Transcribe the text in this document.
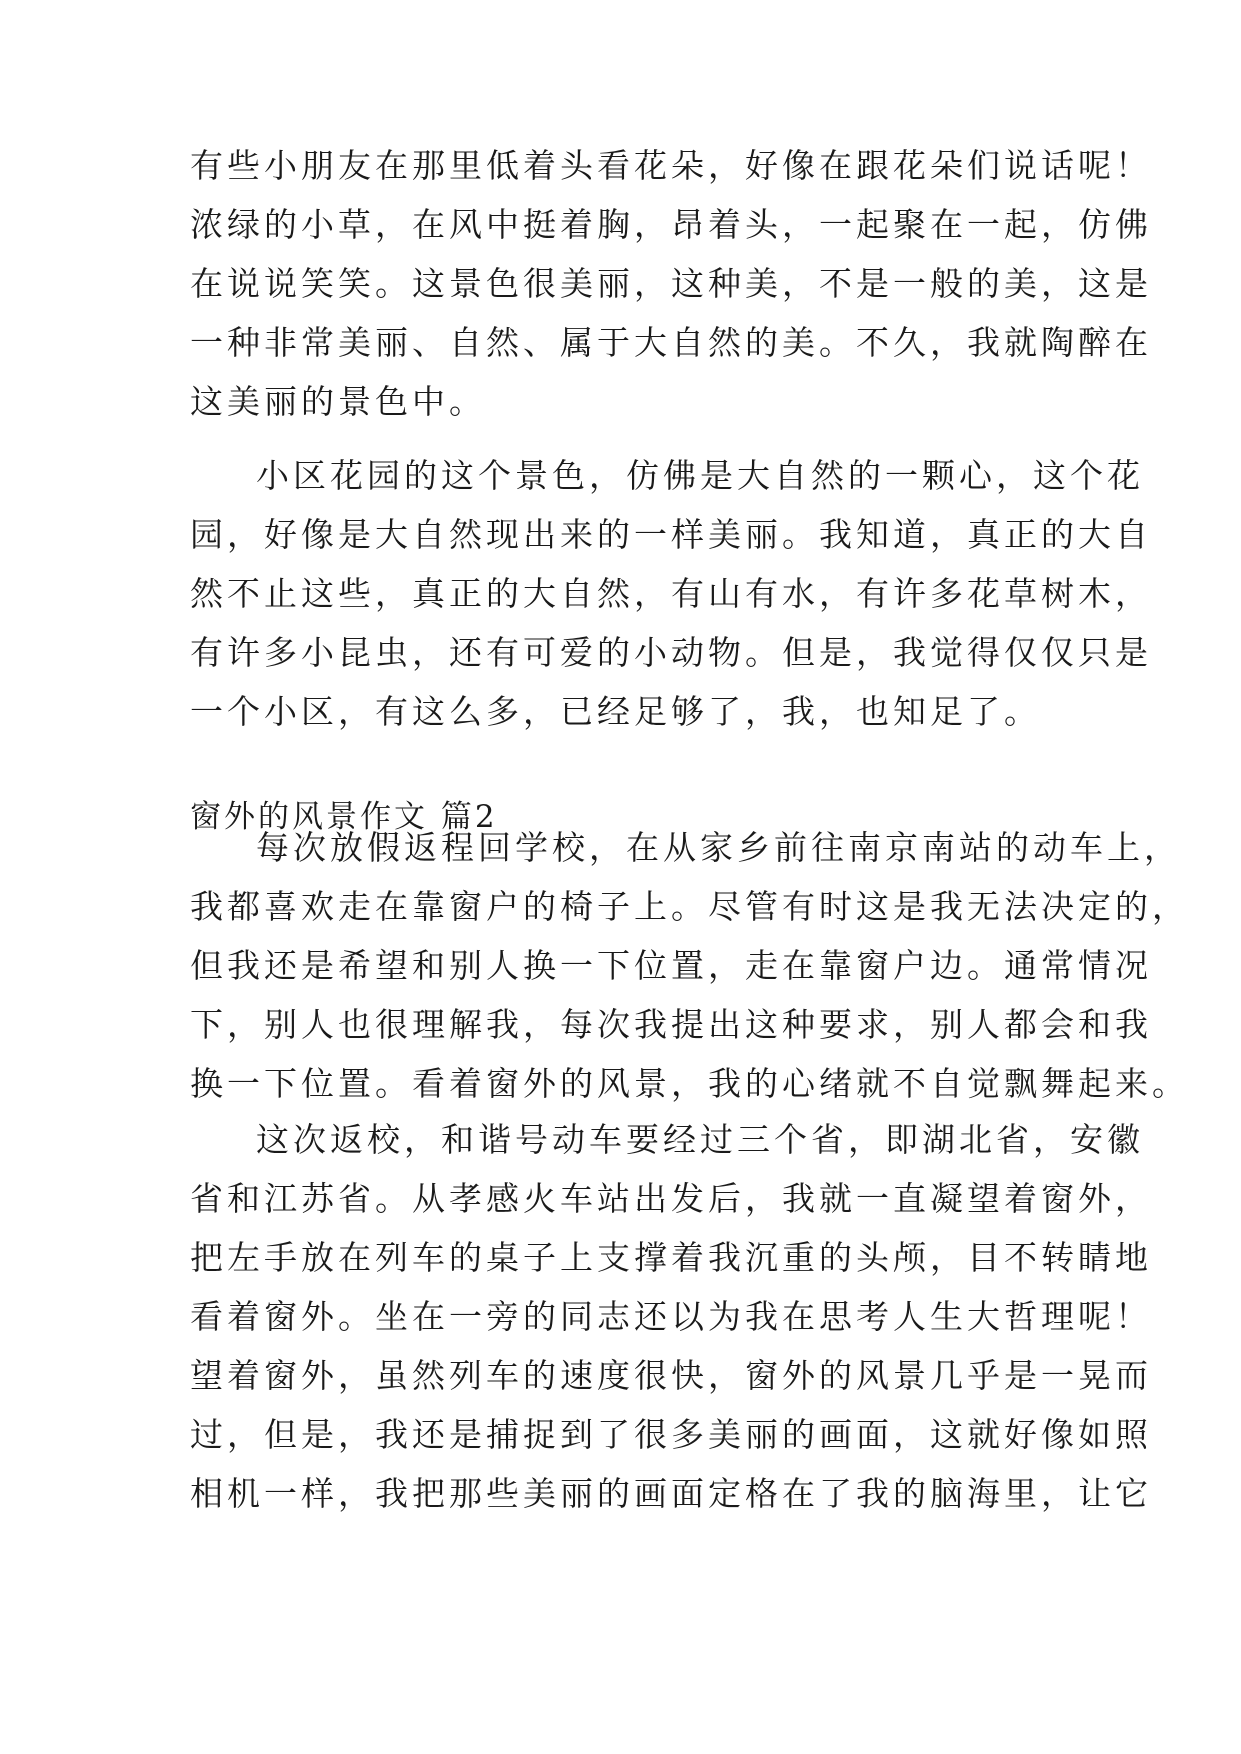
有些小朋友在那里低着头看花朵，好像在跟花朵们说话呢！
浓绿的小草，在风中挺着胸，昂着头，一起聚在一起，仿佛
在说说笑笑。这景色很美丽，这种美，不是一般的美，这是
一种非常美丽、自然、属于大自然的美。不久，我就陶醉在
这美丽的景色中。
小区花园的这个景色，仿佛是大自然的一颗心，这个花
园，好像是大自然现出来的一样美丽。我知道，真正的大自
然不止这些，真正的大自然，有山有水，有许多花草树木，
有许多小昆虫，还有可爱的小动物。但是，我觉得仅仅只是
一个小区，有这么多，已经足够了，我，也知足了。
窗外的风景作文 篇2
每次放假返程回学校，在从家乡前往南京南站的动车上，
我都喜欢走在靠窗户的椅子上。尽管有时这是我无法决定的，
但我还是希望和别人换一下位置，走在靠窗户边。通常情况
下，别人也很理解我，每次我提出这种要求，别人都会和我
换一下位置。看着窗外的风景，我的心绪就不自觉飘舞起来。
这次返校，和谐号动车要经过三个省，即湖北省，安徽
省和江苏省。从孝感火车站出发后，我就一直凝望着窗外，
把左手放在列车的桌子上支撑着我沉重的头颅，目不转睛地
看着窗外。坐在一旁的同志还以为我在思考人生大哲理呢！
望着窗外，虽然列车的速度很快，窗外的风景几乎是一晃而
过，但是，我还是捕捉到了很多美丽的画面，这就好像如照
相机一样，我把那些美丽的画面定格在了我的脑海里，让它
